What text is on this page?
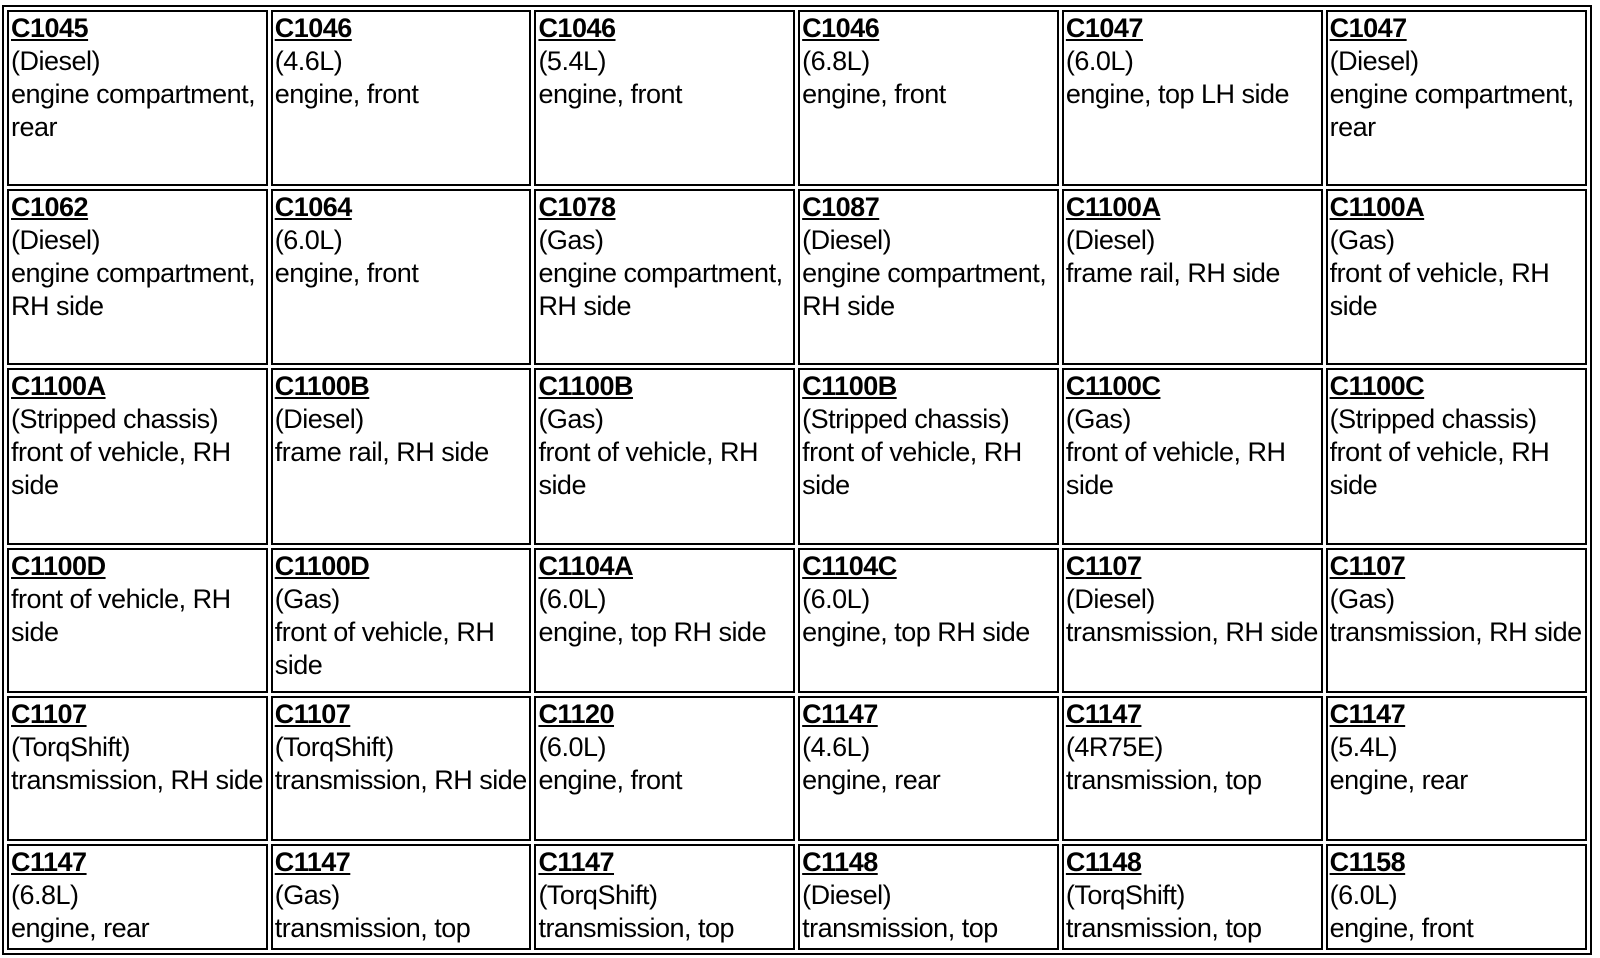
C1045
(Diesel)
engine compartment, rear	C1046
(4.6L)
engine, front	C1046
(5.4L)
engine, front	C1046
(6.8L)
engine, front	C1047
(6.0L)
engine, top LH side	C1047
(Diesel)
engine compartment, rear

C1062
(Diesel)
engine compartment, RH side	C1064
(6.0L)
engine, front	C1078
(Gas)
engine compartment, RH side	C1087
(Diesel)
engine compartment, RH side	C1100A
(Diesel)
frame rail, RH side	C1100A
(Gas)
front of vehicle, RH side

C1100A
(Stripped chassis)
front of vehicle, RH side	C1100B
(Diesel)
frame rail, RH side	C1100B
(Gas)
front of vehicle, RH side	C1100B
(Stripped chassis)
front of vehicle, RH side	C1100C
(Gas)
front of vehicle, RH side	C1100C
(Stripped chassis)
front of vehicle, RH side

C1100D
front of vehicle, RH side	C1100D
(Gas)
front of vehicle, RH side	C1104A
(6.0L)
engine, top RH side	C1104C
(6.0L)
engine, top RH side	C1107
(Diesel)
transmission, RH side	C1107
(Gas)
transmission, RH side

C1107
(TorqShift)
transmission, RH side	C1107
(TorqShift)
transmission, RH side	C1120
(6.0L)
engine, front	C1147
(4.6L)
engine, rear	C1147
(4R75E)
transmission, top	C1147
(5.4L)
engine, rear

C1147
(6.8L)
engine, rear	C1147
(Gas)
transmission, top	C1147
(TorqShift)
transmission, top	C1148
(Diesel)
transmission, top	C1148
(TorqShift)
transmission, top	C1158
(6.0L)
engine, front
